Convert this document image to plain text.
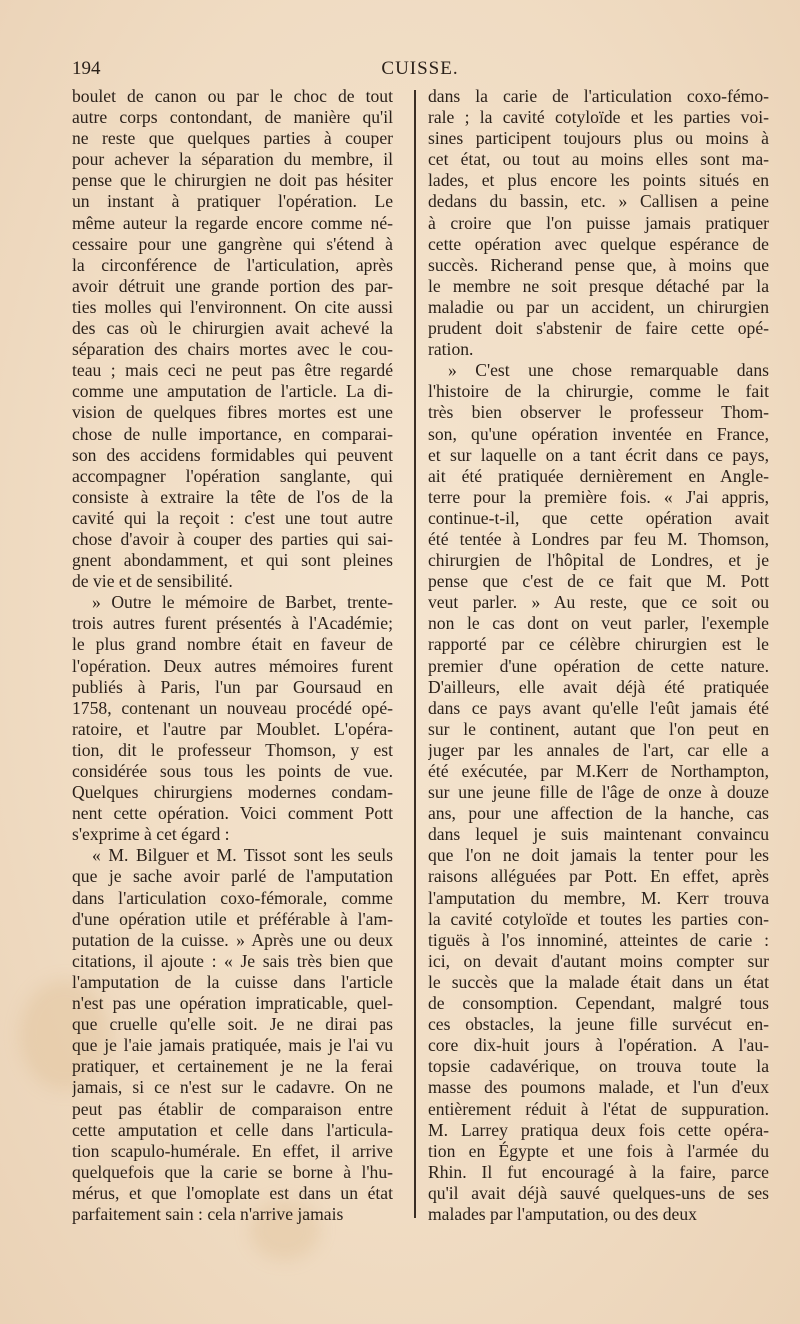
194	CUISSE.
boulet de canon ou par le choc de tout
autre corps contondant, de manière qu'il
ne reste que quelques parties à couper
pour achever la séparation du membre, il
pense que le chirurgien ne doit pas hésiter
un instant à pratiquer l'opération. Le
même auteur la regarde encore comme né-
cessaire pour une gangrène qui s'étend à
la circonférence de l'articulation, après
avoir détruit une grande portion des par-
ties molles qui l'environnent. On cite aussi
des cas où le chirurgien avait achevé la
séparation des chairs mortes avec le cou-
teau ; mais ceci ne peut pas être regardé
comme une amputation de l'article. La di-
vision de quelques fibres mortes est une
chose de nulle importance, en comparai-
son des accidens formidables qui peuvent
accompagner l'opération sanglante, qui
consiste à extraire la tête de l'os de la
cavité qui la reçoit : c'est une tout autre
chose d'avoir à couper des parties qui sai-
gnent abondamment, et qui sont pleines
de vie et de sensibilité.
» Outre le mémoire de Barbet, trente-
trois autres furent présentés à l'Académie;
le plus grand nombre était en faveur de
l'opération. Deux autres mémoires furent
publiés à Paris, l'un par Goursaud en
1758, contenant un nouveau procédé opé-
ratoire, et l'autre par Moublet. L'opéra-
tion, dit le professeur Thomson, y est
considérée sous tous les points de vue.
Quelques chirurgiens modernes condam-
nent cette opération. Voici comment Pott
s'exprime à cet égard :
« M. Bilguer et M. Tissot sont les seuls
que je sache avoir parlé de l'amputation
dans l'articulation coxo-fémorale, comme
d'une opération utile et préférable à l'am-
putation de la cuisse. » Après une ou deux
citations, il ajoute : « Je sais très bien que
l'amputation de la cuisse dans l'article
n'est pas une opération impraticable, quel-
que cruelle qu'elle soit. Je ne dirai pas
que je l'aie jamais pratiquée, mais je l'ai vu
pratiquer, et certainement je ne la ferai
jamais, si ce n'est sur le cadavre. On ne
peut pas établir de comparaison entre
cette amputation et celle dans l'articula-
tion scapulo-humérale. En effet, il arrive
quelquefois que la carie se borne à l'hu-
mérus, et que l'omoplate est dans un état
parfaitement sain : cela n'arrive jamais
dans la carie de l'articulation coxo-fémo-
rale ; la cavité cotyloïde et les parties voi-
sines participent toujours plus ou moins à
cet état, ou tout au moins elles sont ma-
lades, et plus encore les points situés en
dedans du bassin, etc. » Callisen a peine
à croire que l'on puisse jamais pratiquer
cette opération avec quelque espérance de
succès. Richerand pense que, à moins que
le membre ne soit presque détaché par la
maladie ou par un accident, un chirurgien
prudent doit s'abstenir de faire cette opé-
ration.
» C'est une chose remarquable dans
l'histoire de la chirurgie, comme le fait
très bien observer le professeur Thom-
son, qu'une opération inventée en France,
et sur laquelle on a tant écrit dans ce pays,
ait été pratiquée dernièrement en Angle-
terre pour la première fois. « J'ai appris,
continue-t-il, que cette opération avait
été tentée à Londres par feu M. Thomson,
chirurgien de l'hôpital de Londres, et je
pense que c'est de ce fait que M. Pott
veut parler. » Au reste, que ce soit ou
non le cas dont on veut parler, l'exemple
rapporté par ce célèbre chirurgien est le
premier d'une opération de cette nature.
D'ailleurs, elle avait déjà été pratiquée
dans ce pays avant qu'elle l'eût jamais été
sur le continent, autant que l'on peut en
juger par les annales de l'art, car elle a
été exécutée, par M.Kerr de Northampton,
sur une jeune fille de l'âge de onze à douze
ans, pour une affection de la hanche, cas
dans lequel je suis maintenant convaincu
que l'on ne doit jamais la tenter pour les
raisons alléguées par Pott. En effet, après
l'amputation du membre, M. Kerr trouva
la cavité cotyloïde et toutes les parties con-
tiguës à l'os innominé, atteintes de carie :
ici, on devait d'autant moins compter sur
le succès que la malade était dans un état
de consomption. Cependant, malgré tous
ces obstacles, la jeune fille survécut en-
core dix-huit jours à l'opération. A l'au-
topsie cadavérique, on trouva toute la
masse des poumons malade, et l'un d'eux
entièrement réduit à l'état de suppuration.
M. Larrey pratiqua deux fois cette opéra-
tion en Égypte et une fois à l'armée du
Rhin. Il fut encouragé à la faire, parce
qu'il avait déjà sauvé quelques-uns de ses
malades par l'amputation, ou des deux
